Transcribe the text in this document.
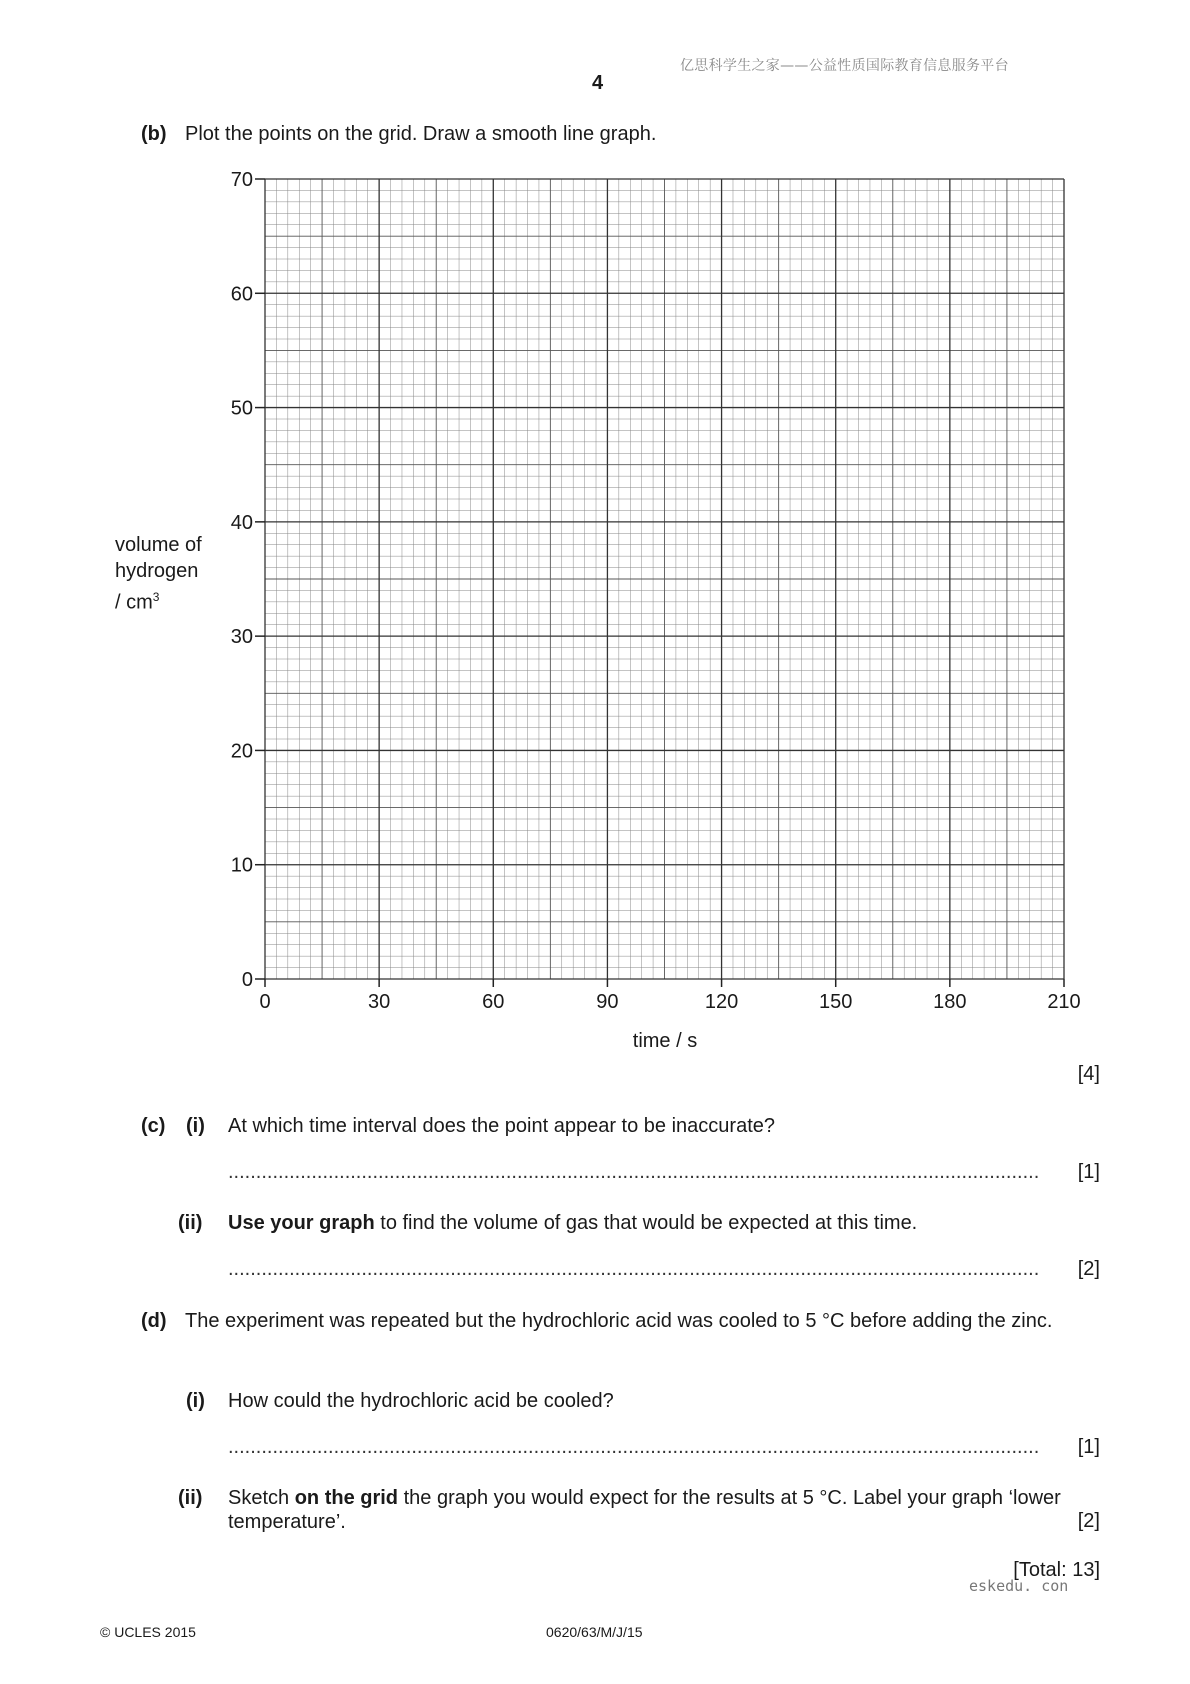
亿思科学生之家——公益性质国际教育信息服务平台
4
(b) Plot the points on the grid. Draw a smooth line graph.
volume of
hydrogen
/ $cm^3$
0	30	60	90	120	150	180	210
0
10
20
30
40
50
60
70
time / s
[4]
(c) (i) At which time interval does the point appear to be inaccurate?
..................................................................................................................................................	[1]
(ii) Use your graph to find the volume of gas that would be expected at this time.
..................................................................................................................................................	[2]
(d) The experiment was repeated but the hydrochloric acid was cooled to 5 °C before adding the zinc.
(i) How could the hydrochloric acid be cooled?
..................................................................................................................................................	[1]
(ii) Sketch on the grid the graph you would expect for the results at 5 °C. Label your graph ‘lower temperature’.	[2]
[Total: 13]
eskedu. con
© UCLES 2015	0620/63/M/J/15
